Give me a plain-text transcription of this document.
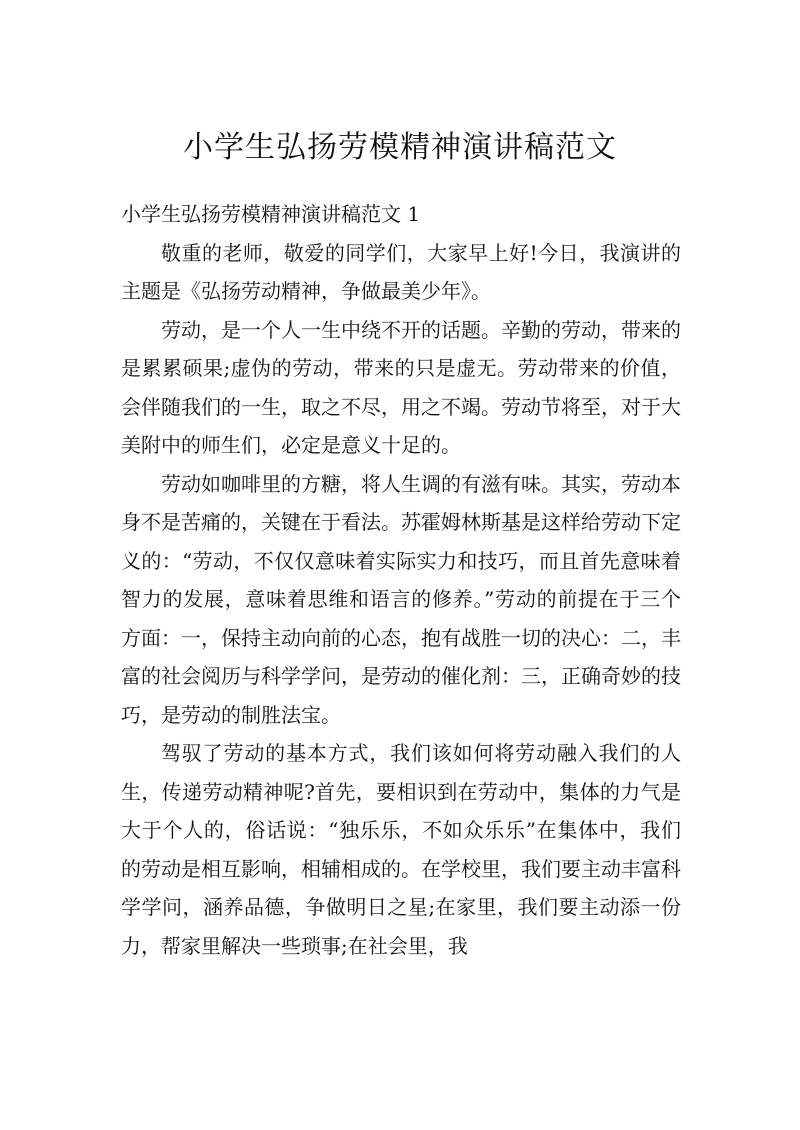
小学生弘扬劳模精神演讲稿范文

小学生弘扬劳模精神演讲稿范文 1

敬重的老师，敬爱的同学们，大家早上好!今日，我演讲的主题是《弘扬劳动精神，争做最美少年》。

劳动，是一个人一生中绕不开的话题。辛勤的劳动，带来的是累累硕果;虚伪的劳动，带来的只是虚无。劳动带来的价值，会伴随我们的一生，取之不尽，用之不竭。劳动节将至，对于大美附中的师生们，必定是意义十足的。

劳动如咖啡里的方糖，将人生调的有滋有味。其实，劳动本身不是苦痛的，关键在于看法。苏霍姆林斯基是这样给劳动下定义的：“劳动，不仅仅意味着实际实力和技巧，而且首先意味着智力的发展，意味着思维和语言的修养。”劳动的前提在于三个方面：一，保持主动向前的心态，抱有战胜一切的决心：二，丰富的社会阅历与科学学问，是劳动的催化剂：三，正确奇妙的技巧，是劳动的制胜法宝。

驾驭了劳动的基本方式，我们该如何将劳动融入我们的人生，传递劳动精神呢?首先，要相识到在劳动中，集体的力气是大于个人的，俗话说：“独乐乐，不如众乐乐”在集体中，我们的劳动是相互影响，相辅相成的。在学校里，我们要主动丰富科学学问，涵养品德，争做明日之星;在家里，我们要主动添一份力，帮家里解决一些琐事;在社会里，我
